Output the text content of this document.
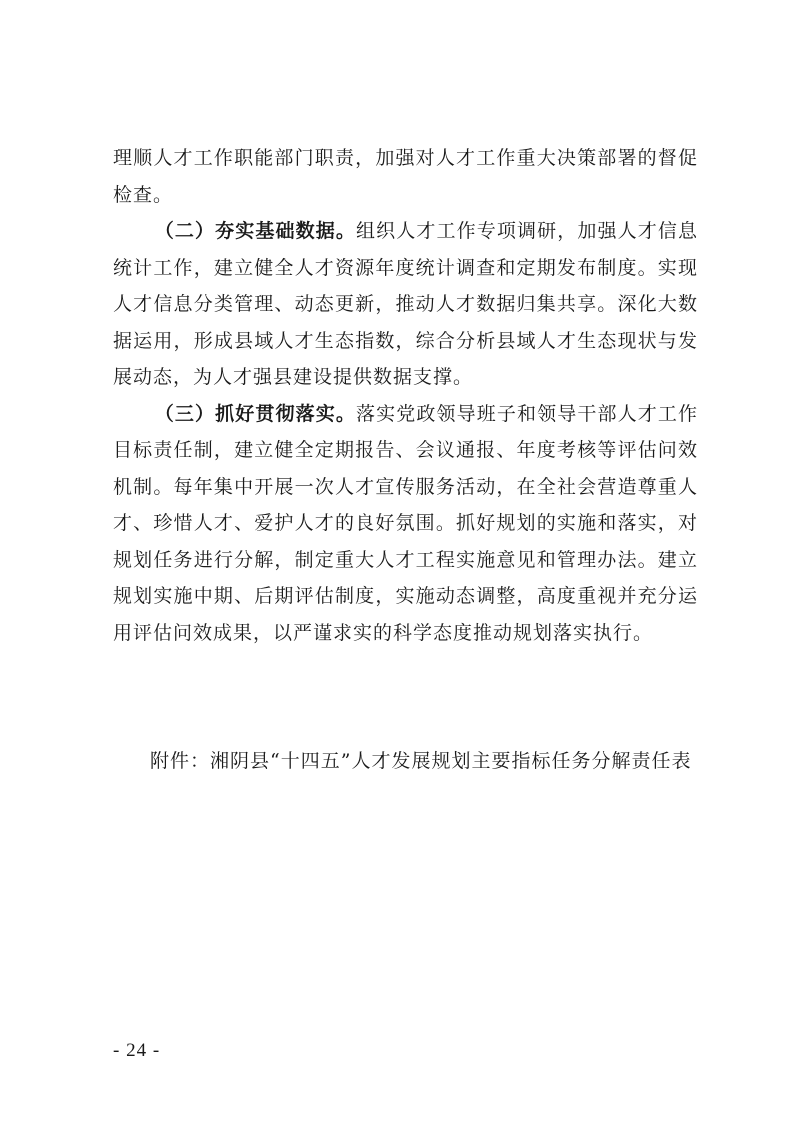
理顺人才工作职能部门职责，加强对人才工作重大决策部署的督促检查。

（二）夯实基础数据。组织人才工作专项调研，加强人才信息统计工作，建立健全人才资源年度统计调查和定期发布制度。实现人才信息分类管理、动态更新，推动人才数据归集共享。深化大数据运用，形成县域人才生态指数，综合分析县域人才生态现状与发展动态，为人才强县建设提供数据支撑。

（三）抓好贯彻落实。落实党政领导班子和领导干部人才工作目标责任制，建立健全定期报告、会议通报、年度考核等评估问效机制。每年集中开展一次人才宣传服务活动，在全社会营造尊重人才、珍惜人才、爱护人才的良好氛围。抓好规划的实施和落实，对规划任务进行分解，制定重大人才工程实施意见和管理办法。建立规划实施中期、后期评估制度，实施动态调整，高度重视并充分运用评估问效成果，以严谨求实的科学态度推动规划落实执行。

附件： 湘阴县“十四五”人才发展规划主要指标任务分解责任表
- 24 -
